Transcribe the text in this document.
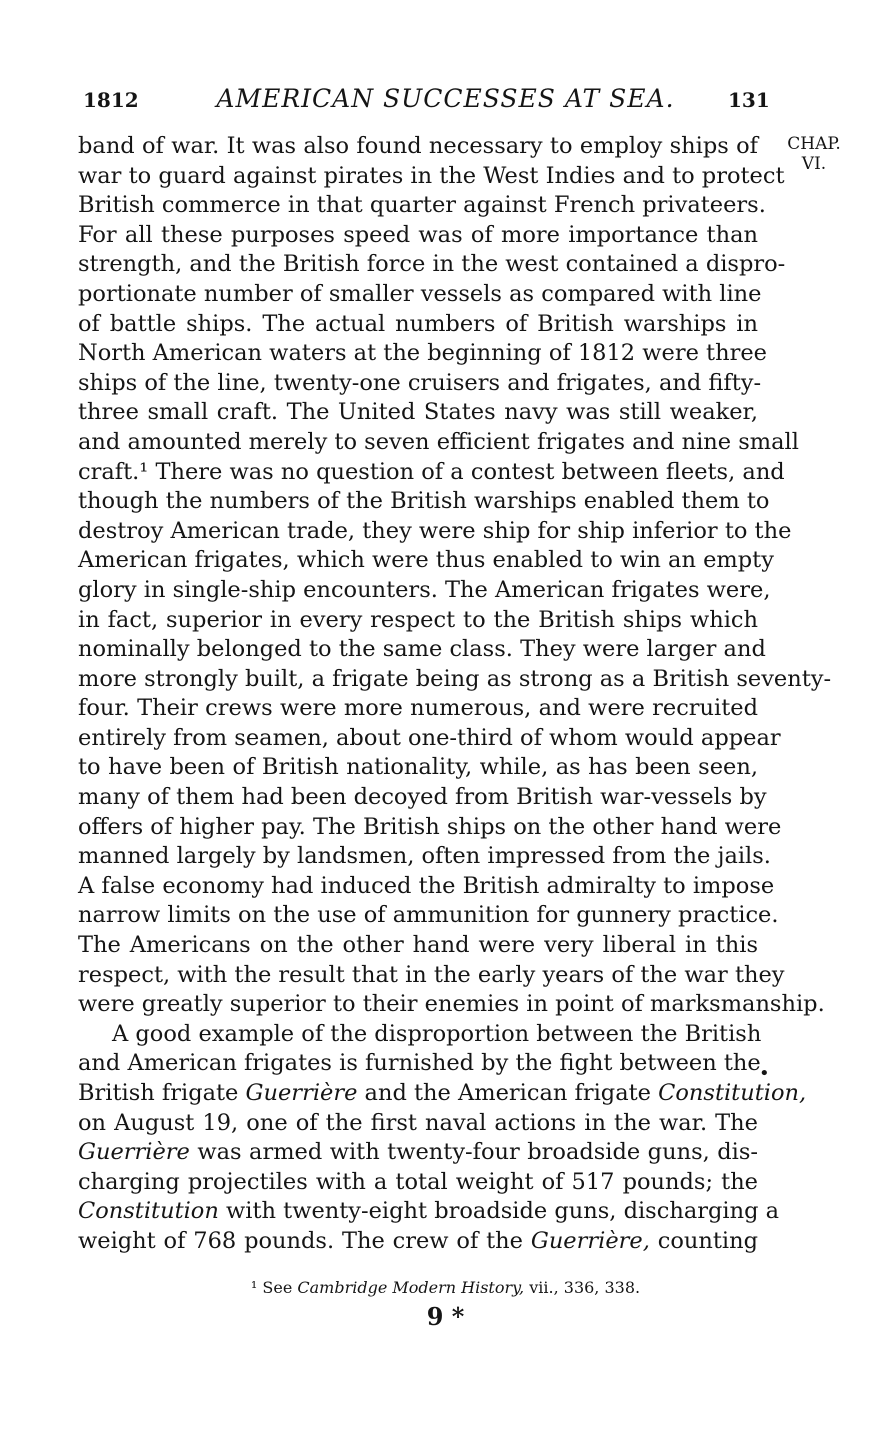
1812	AMERICAN SUCCESSES AT SEA.	131
CHAP.
VI.
band of war. It was also found necessary to employ ships of
war to guard against pirates in the West Indies and to protect
British commerce in that quarter against French privateers.
For all these purposes speed was of more importance than
strength, and the British force in the west contained a dispro-
portionate number of smaller vessels as compared with line
of battle ships. The actual numbers of British warships in
North American waters at the beginning of 1812 were three
ships of the line, twenty-one cruisers and frigates, and fifty-
three small craft. The United States navy was still weaker,
and amounted merely to seven efficient frigates and nine small
craft.¹ There was no question of a contest between fleets, and
though the numbers of the British warships enabled them to
destroy American trade, they were ship for ship inferior to the
American frigates, which were thus enabled to win an empty
glory in single-ship encounters. The American frigates were,
in fact, superior in every respect to the British ships which
nominally belonged to the same class. They were larger and
more strongly built, a frigate being as strong as a British seventy-
four. Their crews were more numerous, and were recruited
entirely from seamen, about one-third of whom would appear
to have been of British nationality, while, as has been seen,
many of them had been decoyed from British war-vessels by
offers of higher pay. The British ships on the other hand were
manned largely by landsmen, often impressed from the jails.
A false economy had induced the British admiralty to impose
narrow limits on the use of ammunition for gunnery practice.
The Americans on the other hand were very liberal in this
respect, with the result that in the early years of the war they
were greatly superior to their enemies in point of marksmanship.
A good example of the disproportion between the British
and American frigates is furnished by the fight between the
British frigate Guerrière and the American frigate Constitution,
on August 19, one of the first naval actions in the war. The
Guerrière was armed with twenty-four broadside guns, dis-
charging projectiles with a total weight of 517 pounds; the
Constitution with twenty-eight broadside guns, discharging a
weight of 768 pounds. The crew of the Guerrière, counting
•
¹ See Cambridge Modern History, vii., 336, 338.
9 *
